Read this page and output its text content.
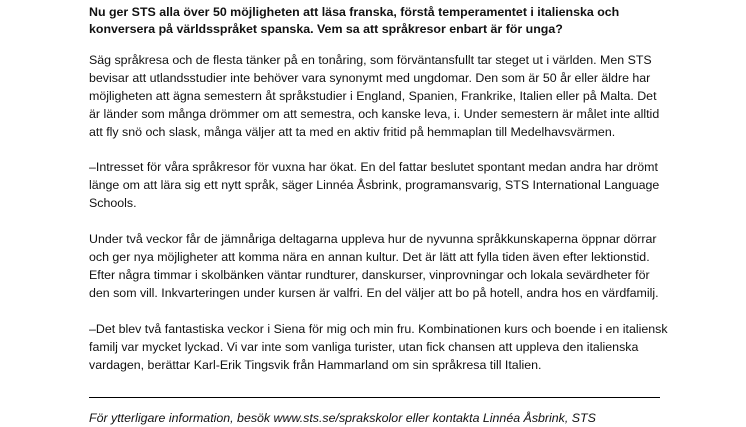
Nu ger STS alla över 50 möjligheten att läsa franska, förstå temperamentet i italienska och konversera på världsspråket spanska. Vem sa att språkresor enbart är för unga?

Säg språkresa och de flesta tänker på en tonåring, som förväntansfullt tar steget ut i världen. Men STS bevisar att utlandsstudier inte behöver vara synonymt med ungdomar. Den som är 50 år eller äldre har möjligheten att ägna semestern åt språkstudier i England, Spanien, Frankrike, Italien eller på Malta. Det är länder som många drömmer om att semestra, och kanske leva, i. Under semestern är målet inte alltid att fly snö och slask, många väljer att ta med en aktiv fritid på hemmaplan till Medelhavsvärmen.

–Intresset för våra språkresor för vuxna har ökat. En del fattar beslutet spontant medan andra har drömt länge om att lära sig ett nytt språk, säger Linnéa Åsbrink, programansvarig, STS International Language Schools.

Under två veckor får de jämnåriga deltagarna uppleva hur de nyvunna språkkunskaperna öppnar dörrar och ger nya möjligheter att komma nära en annan kultur. Det är lätt att fylla tiden även efter lektionstid. Efter några timmar i skolbänken väntar rundturer, danskurser, vinprovningar och lokala sevärdheter för den som vill. Inkvarteringen under kursen är valfri. En del väljer att bo på hotell, andra hos en värdfamilj.

–Det blev två fantastiska veckor i Siena för mig och min fru. Kombinationen kurs och boende i en italiensk familj var mycket lyckad. Vi var inte som vanliga turister, utan fick chansen att uppleva den italienska vardagen, berättar Karl-Erik Tingsvik från Hammarland om sin språkresa till Italien.

För ytterligare information, besök www.sts.se/sprakskolor eller kontakta Linnéa Åsbrink, STS
